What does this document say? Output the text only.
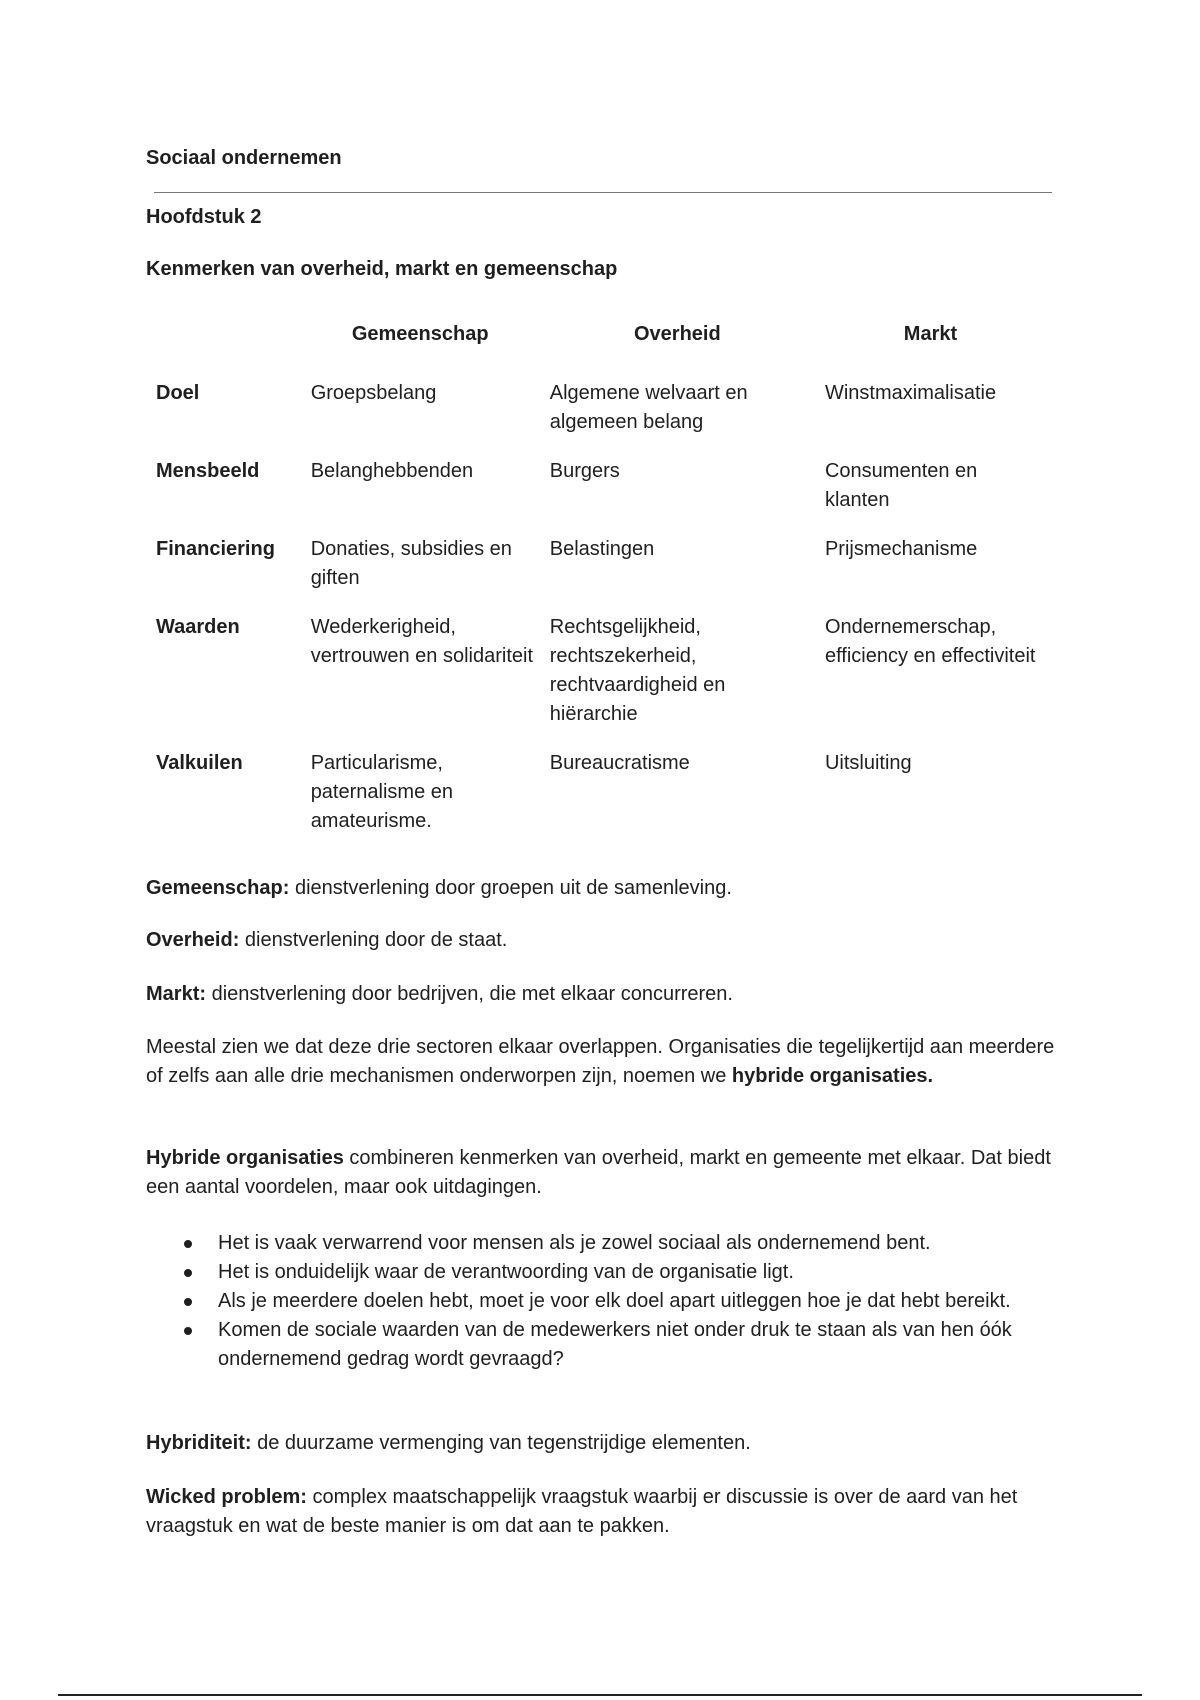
Sociaal ondernemen
Hoofdstuk 2
Kenmerken van overheid, markt en gemeenschap
	Gemeenschap	Overheid	Markt
Doel	Groepsbelang	Algemene welvaart en algemeen belang	Winstmaximalisatie
Mensbeeld	Belanghebbenden	Burgers	Consumenten en klanten
Financiering	Donaties, subsidies en giften	Belastingen	Prijsmechanisme
Waarden	Wederkerigheid, vertrouwen en solidariteit	Rechtsgelijkheid, rechtszekerheid, rechtvaardigheid en hiërarchie	Ondernemerschap, efficiency en effectiviteit
Valkuilen	Particularisme, paternalisme en amateurisme.	Bureaucratisme	Uitsluiting

Gemeenschap: dienstverlening door groepen uit de samenleving.

Overheid: dienstverlening door de staat.

Markt: dienstverlening door bedrijven, die met elkaar concurreren.

Meestal zien we dat deze drie sectoren elkaar overlappen. Organisaties die tegelijkertijd aan meerdere of zelfs aan alle drie mechanismen onderworpen zijn, noemen we hybride organisaties.

Hybride organisaties combineren kenmerken van overheid, markt en gemeente met elkaar. Dat biedt een aantal voordelen, maar ook uitdagingen.

Het is vaak verwarrend voor mensen als je zowel sociaal als ondernemend bent.
Het is onduidelijk waar de verantwoording van de organisatie ligt.
Als je meerdere doelen hebt, moet je voor elk doel apart uitleggen hoe je dat hebt bereikt.
Komen de sociale waarden van de medewerkers niet onder druk te staan als van hen óók ondernemend gedrag wordt gevraagd?

Hybriditeit: de duurzame vermenging van tegenstrijdige elementen.

Wicked problem: complex maatschappelijk vraagstuk waarbij er discussie is over de aard van het vraagstuk en wat de beste manier is om dat aan te pakken.
